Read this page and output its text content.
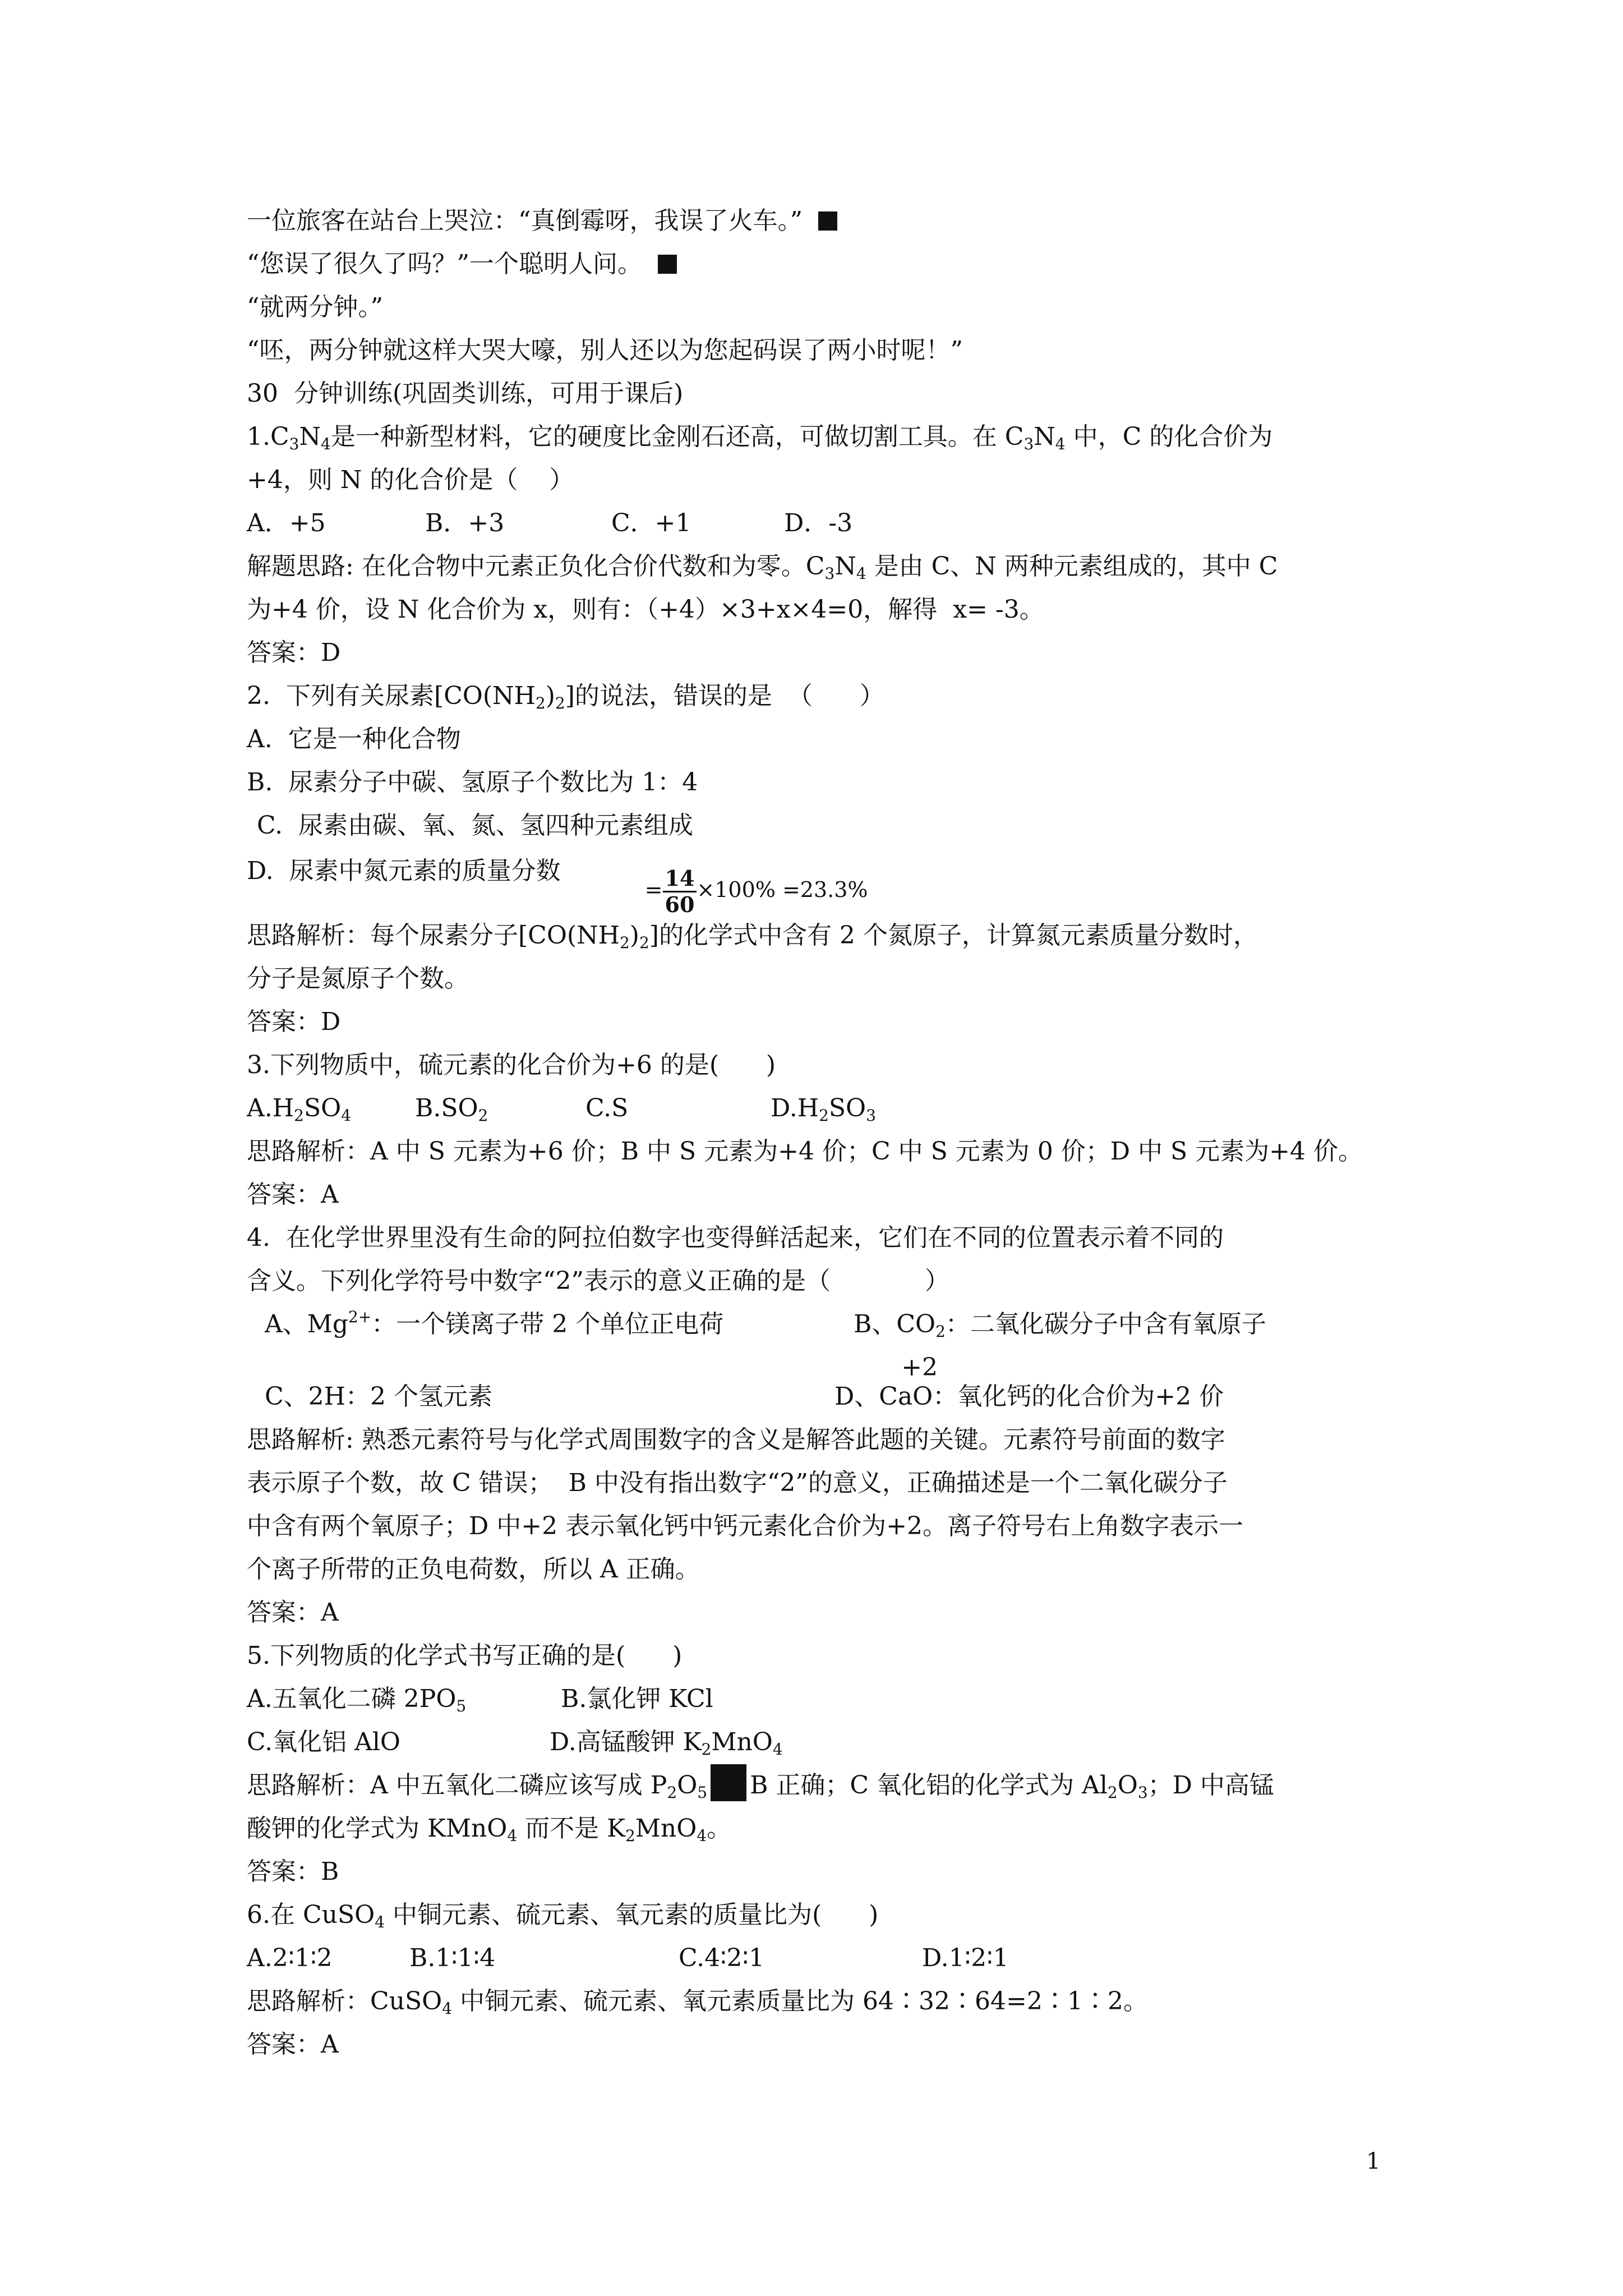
一位旅客在站台上哭泣：“真倒霉呀，我误了火车。”
“您误了很久了吗？”一个聪明人问。
“就两分钟。”
“呸，两分钟就这样大哭大嚎，别人还以为您起码误了两小时呢！”
30  分钟训练(巩固类训练，可用于课后)
$1.C_3N_4$是一种新型材料，它的硬度比金刚石还高，可做切割工具。在 $C_3N_4$ 中，C 的化合价为
+4，则 N 的化合价是（    ）
A．+5	B．+3	C．+1	D．-3
解题思路: 在化合物中元素正负化合价代数和为零。$C_3N_4$ 是由 C、N 两种元素组成的，其中 C
为+4 价，设 N 化合价为 x，则有：（+4）×3+x×4=0，解得  x= -3。
答案：D
2.  下列有关尿素$[CO(NH_2)_2]$的说法，错误的是  （      ）
A.  它是一种化合物
B.  尿素分子中碳、氢原子个数比为 1：4
C.  尿素由碳、氧、氮、氢四种元素组成
D.  尿素中氮元素的质量分数= $\frac{14}{60} \times 100\% =23.3\%$
思路解析：每个尿素分子$[CO(NH_2)_2]$的化学式中含有 2 个氮原子，计算氮元素质量分数时，
分子是氮原子个数。
答案：D
3.下列物质中，硫元素的化合价为+6 的是(      )
$A.H_2SO_4$	$B.SO_2$	C.S	$D.H_2SO_3$
思路解析：A 中 S 元素为+6 价；B 中 S 元素为+4 价；C 中 S 元素为 0 价；D 中 S 元素为+4 价。
答案：A
4.  在化学世界里没有生命的阿拉伯数字也变得鲜活起来，它们在不同的位置表示着不同的
含义。下列化学符号中数字“2”表示的意义正确的是（            ）
A、$Mg^{2+}$：一个镁离子带 2 个单位正电荷	B、$CO_2$：二氧化碳分子中含有氧原子
C、2H：2 个氢元素	D、
+2
CaO：氧化钙的化合价为+2 价
思路解析: 熟悉元素符号与化学式周围数字的含义是解答此题的关键。元素符号前面的数字
表示原子个数，故 C 错误；  B 中没有指出数字“2”的意义，正确描述是一个二氧化碳分子
中含有两个氧原子；D 中+2 表示氧化钙中钙元素化合价为+2。离子符号右上角数字表示一
个离子所带的正负电荷数，所以 A 正确。
答案：A
5.下列物质的化学式书写正确的是(      )
A.五氧化二磷 $2PO_5$	B.氯化钾 KCl
C.氧化铝 AlO	D.高锰酸钾 $K_2MnO_4$
思路解析：A 中五氧化二磷应该写成 $P_2O_5$ B 正确；C 氧化铝的化学式为 $Al_2O_3$；D 中高锰
酸钾的化学式为 KMnO$_4$ 而不是 $K_2MnO_4$。
答案：B
6.在 CuSO$_4$ 中铜元素、硫元素、氧元素的质量比为(      )
A.2∶1∶2	B.1∶1∶4	C.4∶2∶1	D.1∶2∶1
思路解析：CuSO$_4$ 中铜元素、硫元素、氧元素质量比为 64∶32∶64=2∶1∶2。
答案：A
1
